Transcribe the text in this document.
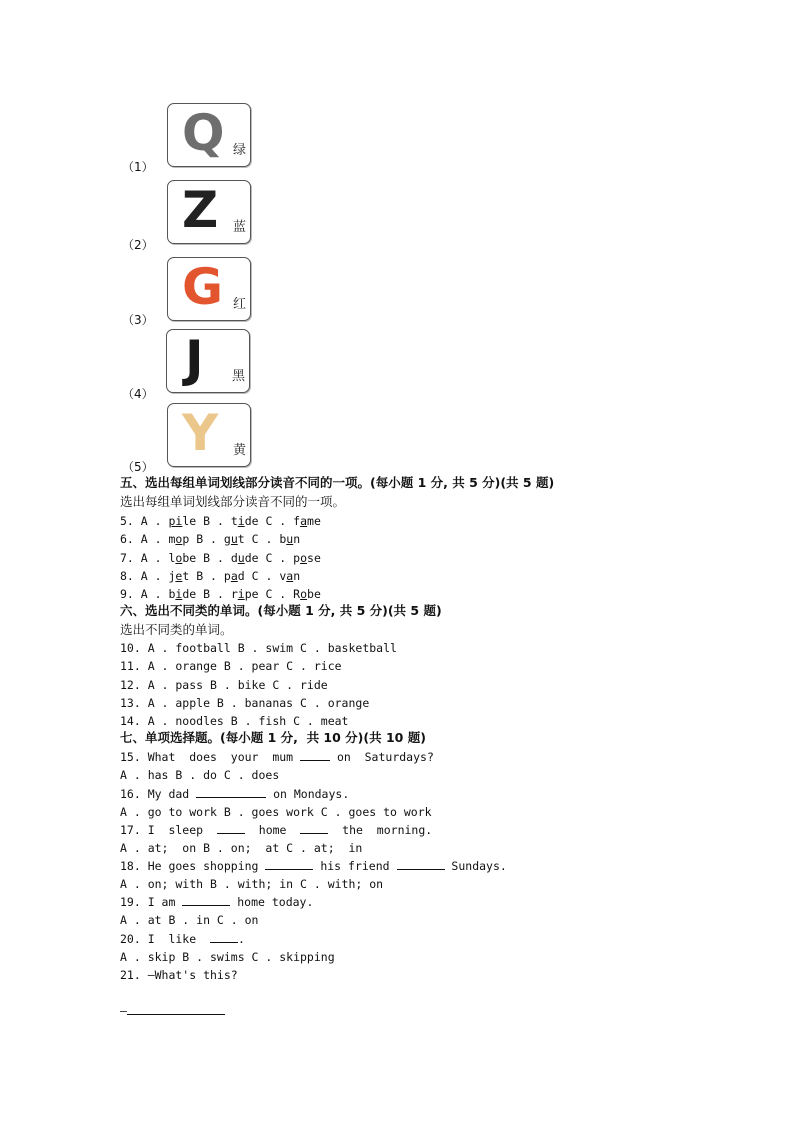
（1）
Q 绿
（2）
Z 蓝
（3）
G 红
（4）
J 黑
（5）
Y 黄
五、选出每组单词划线部分读音不同的一项。(每小题 1 分, 共 5 分)(共 5 题)
选出每组单词划线部分读音不同的一项。
5. A . pile B . tide C . fame
6. A . mop B . gut C . bun
7. A . lobe B . dude C . pose
8. A . jet B . pad C . van
9. A . bide B . ripe C . Robe
六、选出不同类的单词。(每小题 1 分, 共 5 分)(共 5 题)
选出不同类的单词。
10. A . football B . swim C . basketball
11. A . orange B . pear C . rice
12. A . pass B . bike C . ride
13. A . apple B . bananas C . orange
14. A . noodles B . fish C . meat
七、单项选择题。(每小题 1 分,  共 10 分)(共 10 题)
15. What  does  your  mum	on  Saturdays?
A . has B . do C . does
16. My dad	on Mondays.
A . go to work B . goes work C . goes to work
17. I  sleep    home    the  morning.
A . at;  on B . on;  at C . at;  in
18. He goes shopping	his friend	Sundays.
A . on; with B . with; in C . with; on
19. I am	home today.
A . at B . in C . on
20. I  like  .
A . skip B . swims C . skipping
21. —What's this?
—
